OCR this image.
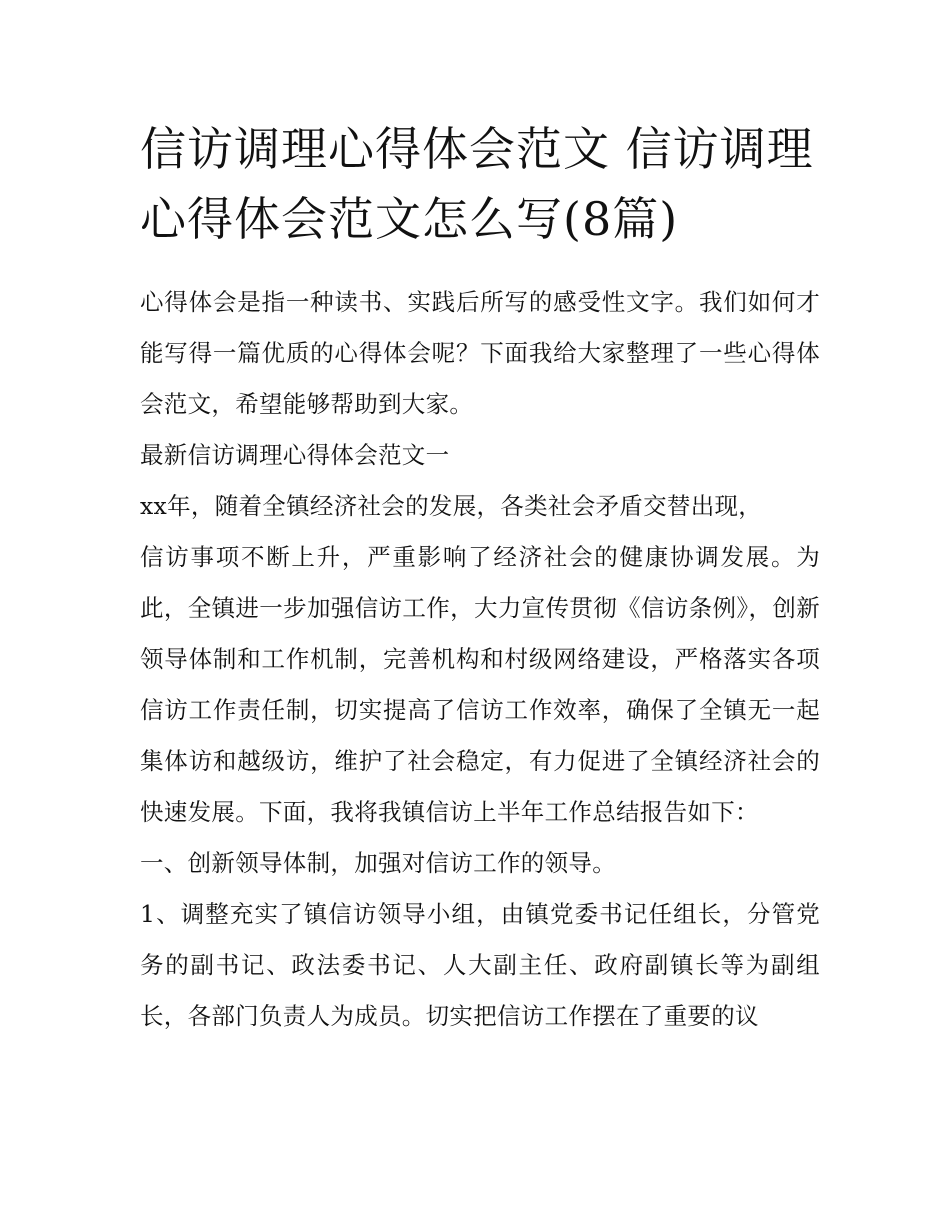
信访调理心得体会范文 信访调理心得体会范文怎么写(8篇)

心得体会是指一种读书、实践后所写的感受性文字。我们如何才能写得一篇优质的心得体会呢？下面我给大家整理了一些心得体会范文，希望能够帮助到大家。

最新信访调理心得体会范文一

xx年，随着全镇经济社会的发展，各类社会矛盾交替出现，

信访事项不断上升，严重影响了经济社会的健康协调发展。为此，全镇进一步加强信访工作，大力宣传贯彻《信访条例》，创新领导体制和工作机制，完善机构和村级网络建设，严格落实各项信访工作责任制，切实提高了信访工作效率，确保了全镇无一起集体访和越级访，维护了社会稳定，有力促进了全镇经济社会的快速发展。下面，我将我镇信访上半年工作总结报告如下：

一、创新领导体制，加强对信访工作的领导。

1、调整充实了镇信访领导小组，由镇党委书记任组长，分管党务的副书记、政法委书记、人大副主任、政府副镇长等为副组长，各部门负责人为成员。切实把信访工作摆在了重要的议
